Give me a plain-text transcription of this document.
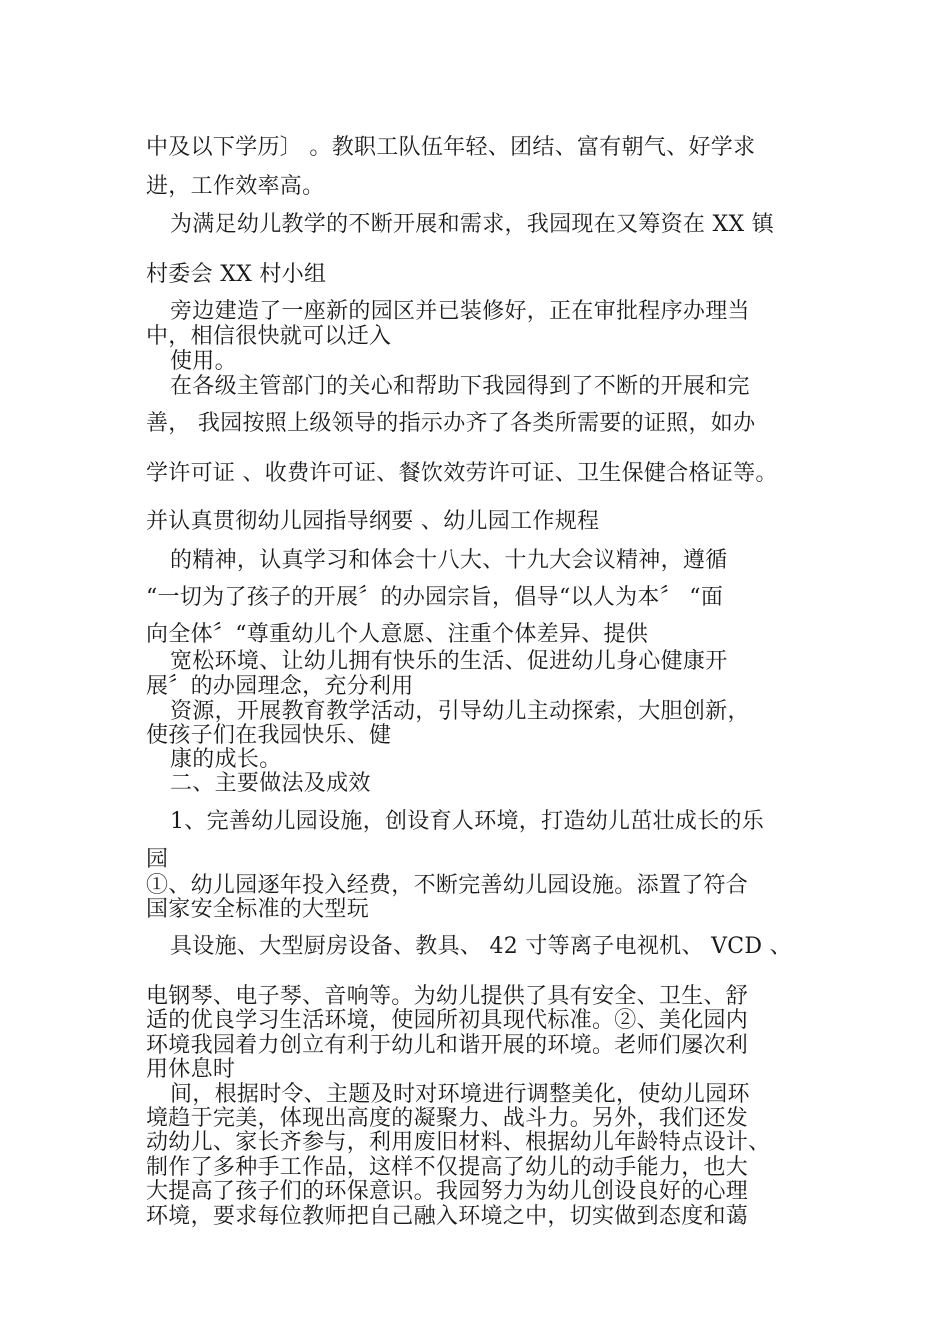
中及以下学历〕 。教职工队伍年轻、团结、富有朝气、好学求
进，工作效率高。
为满足幼儿教学的不断开展和需求，我园现在又筹资在 XX 镇
村委会 XX 村小组
旁边建造了一座新的园区并已装修好，正在审批程序办理当
中，相信很快就可以迁入
使用。
在各级主管部门的关心和帮助下我园得到了不断的开展和完
善， 我园按照上级领导的指示办齐了各类所需要的证照，如办
学许可证 、收费许可证、餐饮效劳许可证、卫生保健合格证等。
并认真贯彻幼儿园指导纲要 、幼儿园工作规程
的精神，认真学习和体会十八大、十九大会议精神，遵循
“一切为了孩子的开展〞的办园宗旨，倡导“以人为本〞 “面
向全体〞“尊重幼儿个人意愿、注重个体差异、提供
宽松环境、让幼儿拥有快乐的生活、促进幼儿身心健康开
展〞的办园理念，充分利用
资源，开展教育教学活动，引导幼儿主动探索，大胆创新，
使孩子们在我园快乐、健
康的成长。
二、主要做法及成效
1、完善幼儿园设施，创设育人环境，打造幼儿茁壮成长的乐
园
①、幼儿园逐年投入经费，不断完善幼儿园设施。添置了符合
国家安全标准的大型玩
具设施、大型厨房设备、教具、 42 寸等离子电视机、 VCD 、
电钢琴、电子琴、音响等。为幼儿提供了具有安全、卫生、舒
适的优良学习生活环境，使园所初具现代标准。②、美化园内
环境我园着力创立有利于幼儿和谐开展的环境。老师们屡次利
用休息时
间，根据时令、主题及时对环境进行调整美化，使幼儿园环
境趋于完美，体现出高度的凝聚力、战斗力。另外，我们还发
动幼儿、家长齐参与，利用废旧材料、根据幼儿年龄特点设计、
制作了多种手工作品，这样不仅提高了幼儿的动手能力，也大
大提高了孩子们的环保意识。我园努力为幼儿创设良好的心理
环境，要求每位教师把自己融入环境之中，切实做到态度和蔼
